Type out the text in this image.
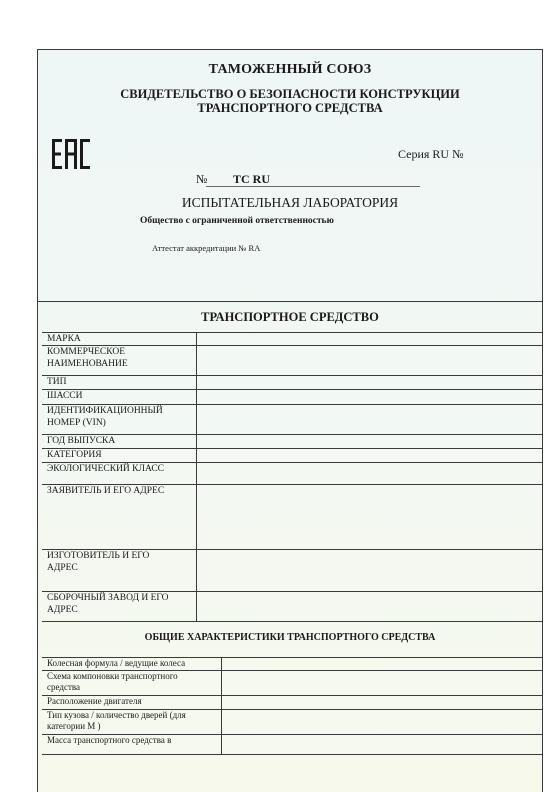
ТАМОЖЕННЫЙ СОЮЗ
СВИДЕТЕЛЬСТВО О БЕЗОПАСНОСТИ КОНСТРУКЦИИ
ТРАНСПОРТНОГО СРЕДСТВА
Серия RU №
№ TC RU
ИСПЫТАТЕЛЬНАЯ ЛАБОРАТОРИЯ
Общество с ограниченной ответственностью
Аттестат аккредитации № RA
ТРАНСПОРТНОЕ СРЕДСТВО
МАРКА
КОММЕРЧЕСКОЕ
НАИМЕНОВАНИЕ
ТИП
ШАССИ
ИДЕНТИФИКАЦИОННЫЙ
НОМЕР (VIN)
ГОД ВЫПУСКА
КАТЕГОРИЯ
ЭКОЛОГИЧЕСКИЙ КЛАСС
ЗАЯВИТЕЛЬ И ЕГО АДРЕС
ИЗГОТОВИТЕЛЬ И ЕГО
АДРЕС
СБОРОЧНЫЙ ЗАВОД И ЕГО
АДРЕС
ОБЩИЕ ХАРАКТЕРИСТИКИ ТРАНСПОРТНОГО СРЕДСТВА
Колесная формула / ведущие колеса
Схема компоновки транспортного
средства
Расположение двигателя
Тип кузова / количество дверей (для
категории М )
Масса транспортного средства в
